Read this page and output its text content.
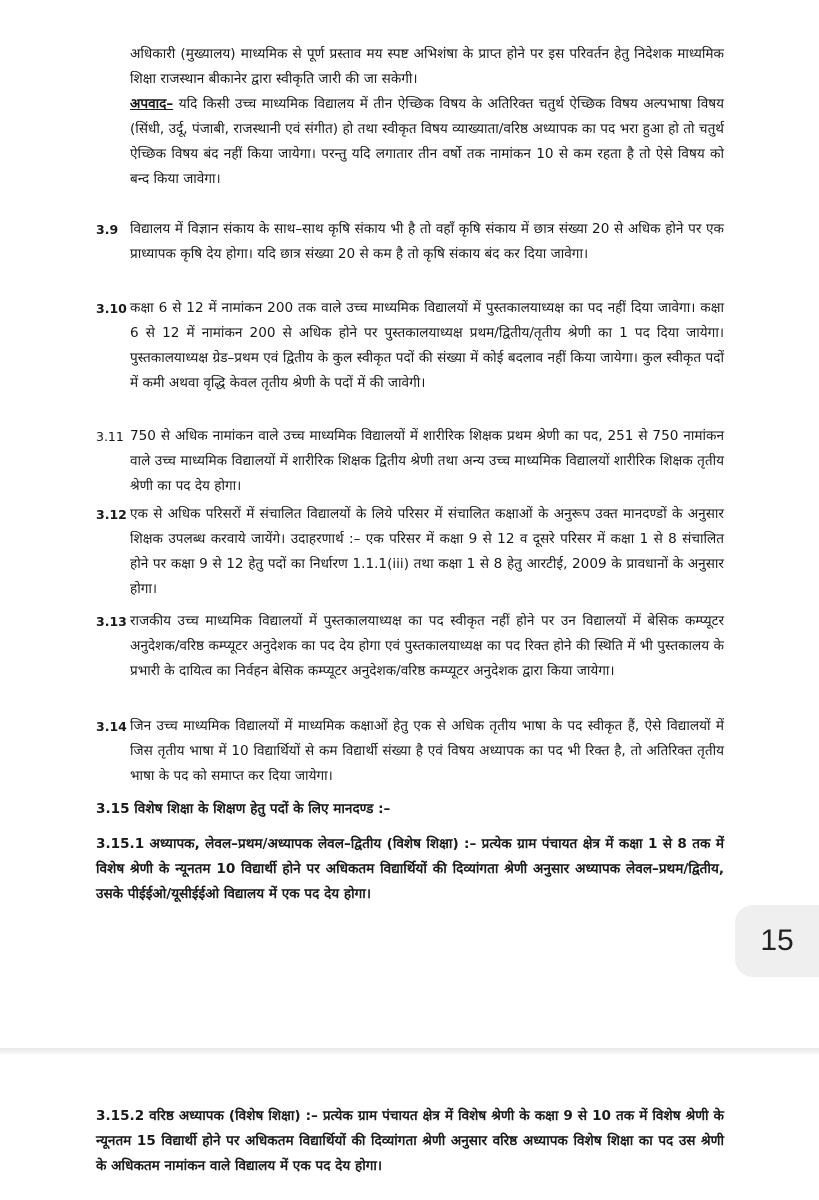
अधिकारी (मुख्यालय) माध्यमिक से पूर्ण प्रस्ताव मय स्पष्ट अभिशंषा के प्राप्त होने पर इस परिवर्तन हेतु निदेशक माध्यमिक शिक्षा राजस्थान बीकानेर द्वारा स्वीकृति जारी की जा सकेगी।
अपवाद– यदि किसी उच्च माध्यमिक विद्यालय में तीन ऐच्छिक विषय के अतिरिक्त चतुर्थ ऐच्छिक विषय अल्पभाषा विषय (सिंधी, उर्दू, पंजाबी, राजस्थानी एवं संगीत) हो तथा स्वीकृत विषय व्याख्याता/वरिष्ठ अध्यापक का पद भरा हुआ हो तो चतुर्थ ऐच्छिक विषय बंद नहीं किया जायेगा। परन्तु यदि लगातार तीन वर्षो तक नामांकन 10 से कम रहता है तो ऐसे विषय को बन्द किया जावेगा।
3.9 विद्यालय में विज्ञान संकाय के साथ–साथ कृषि संकाय भी है तो वहाँ कृषि संकाय में छात्र संख्या 20 से अधिक होने पर एक प्राध्यापक कृषि देय होगा। यदि छात्र संख्या 20 से कम है तो कृषि संकाय बंद कर दिया जावेगा।
3.10 कक्षा 6 से 12 में नामांकन 200 तक वाले उच्च माध्यमिक विद्यालयों में पुस्तकालयाध्यक्ष का पद नहीं दिया जावेगा। कक्षा 6 से 12 में नामांकन 200 से अधिक होने पर पुस्तकालयाध्यक्ष प्रथम/द्वितीय/तृतीय श्रेणी का 1 पद दिया जायेगा। पुस्तकालयाध्यक्ष ग्रेड–प्रथम एवं द्वितीय के कुल स्वीकृत पदों की संख्या में कोई बदलाव नहीं किया जायेगा। कुल स्वीकृत पदों में कमी अथवा वृद्धि केवल तृतीय श्रेणी के पदों में की जावेगी।
3.11 750 से अधिक नामांकन वाले उच्च माध्यमिक विद्यालयों में शारीरिक शिक्षक प्रथम श्रेणी का पद, 251 से 750 नामांकन वाले उच्च माध्यमिक विद्यालयों में शारीरिक शिक्षक द्वितीय श्रेणी तथा अन्य उच्च माध्यमिक विद्यालयों शारीरिक शिक्षक तृतीय श्रेणी का पद देय होगा।
3.12 एक से अधिक परिसरों में संचालित विद्यालयों के लिये परिसर में संचालित कक्षाओं के अनुरूप उक्त मानदण्डों के अनुसार शिक्षक उपलब्ध करवाये जायेंगे। उदाहरणार्थ :– एक परिसर में कक्षा 9 से 12 व दूसरे परिसर में कक्षा 1 से 8 संचालित होने पर कक्षा 9 से 12 हेतु पदों का निर्धारण 1.1.1(iii) तथा कक्षा 1 से 8 हेतु आरटीई, 2009 के प्रावधानों के अनुसार होगा।
3.13 राजकीय उच्च माध्यमिक विद्यालयों में पुस्तकालयाध्यक्ष का पद स्वीकृत नहीं होने पर उन विद्यालयों में बेसिक कम्प्यूटर अनुदेशक/वरिष्ठ कम्प्यूटर अनुदेशक का पद देय होगा एवं पुस्तकालयाध्यक्ष का पद रिक्त होने की स्थिति में भी पुस्तकालय के प्रभारी के दायित्व का निर्वहन बेसिक कम्प्यूटर अनुदेशक/वरिष्ठ कम्प्यूटर अनुदेशक द्वारा किया जायेगा।
3.14 जिन उच्च माध्यमिक विद्यालयों में माध्यमिक कक्षाओं हेतु एक से अधिक तृतीय भाषा के पद स्वीकृत हैं, ऐसे विद्यालयों में जिस तृतीय भाषा में 10 विद्यार्थियों से कम विद्यार्थी संख्या है एवं विषय अध्यापक का पद भी रिक्त है, तो अतिरिक्त तृतीय भाषा के पद को समाप्त कर दिया जायेगा।
3.15 विशेष शिक्षा के शिक्षण हेतु पदों के लिए मानदण्ड :–
3.15.1 अध्यापक, लेवल–प्रथम/अध्यापक लेवल–द्वितीय (विशेष शिक्षा) :– प्रत्येक ग्राम पंचायत क्षेत्र में कक्षा 1 से 8 तक में विशेष श्रेणी के न्यूनतम 10 विद्यार्थी होने पर अधिकतम विद्यार्थियों की दिव्यांगता श्रेणी अनुसार अध्यापक लेवल–प्रथम/द्वितीय, उसके पीईईओ/यूसीईईओ विद्यालय में एक पद देय होगा।
15
3.15.2 वरिष्ठ अध्यापक (विशेष शिक्षा) :– प्रत्येक ग्राम पंचायत क्षेत्र में विशेष श्रेणी के कक्षा 9 से 10 तक में विशेष श्रेणी के न्यूनतम 15 विद्यार्थी होने पर अधिकतम विद्यार्थियों की दिव्यांगता श्रेणी अनुसार वरिष्ठ अध्यापक विशेष शिक्षा का पद उस श्रेणी के अधिकतम नामांकन वाले विद्यालय में एक पद देय होगा।
